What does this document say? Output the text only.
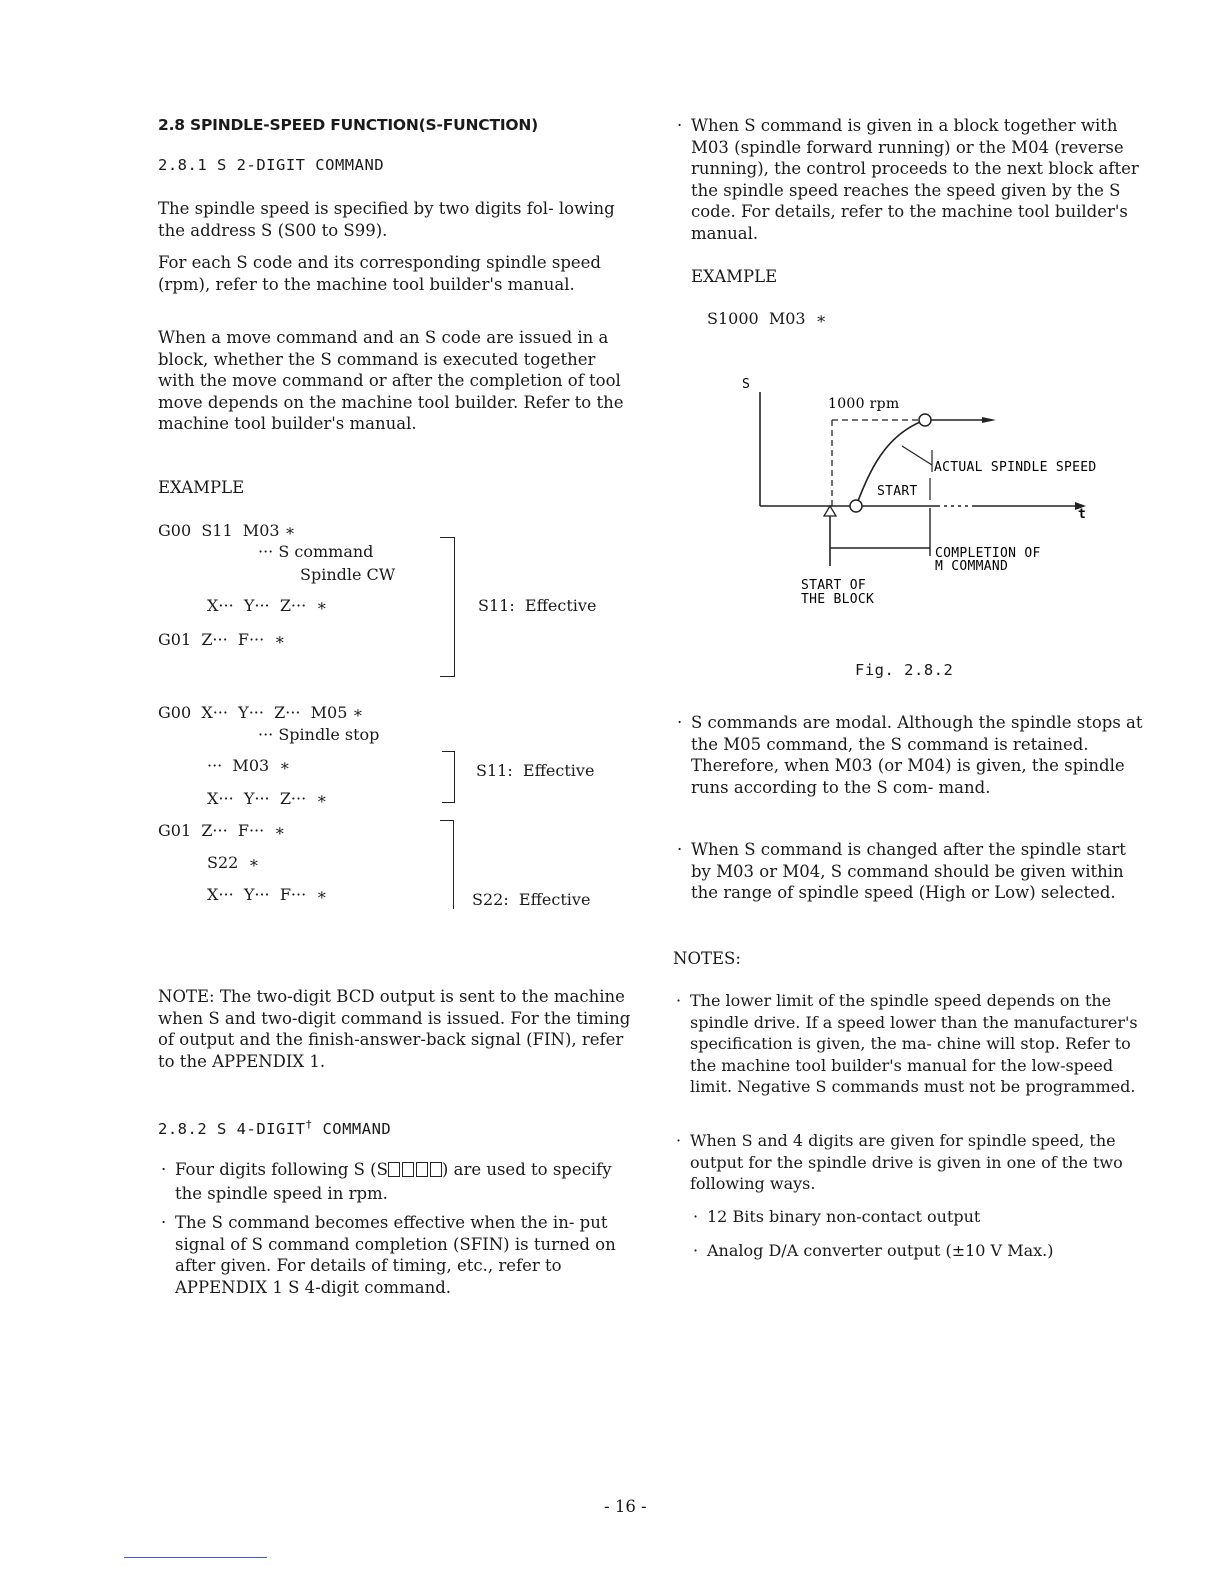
2.8 SPINDLE-SPEED FUNCTION(S-FUNCTION)
2.8.1 S 2-DIGIT COMMAND

The spindle speed is specified by two digits fol- lowing the address S (S00 to S99).

For each S code and its corresponding spindle speed (rpm), refer to the machine tool builder's manual.

When a move command and an S code are issued in a block, whether the S command is executed together with the move command or after the completion of tool move depends on the machine tool builder. Refer to the machine tool builder's manual.

EXAMPLE
G00  S11  M03 ∗
··· S command
Spindle CW
X···  Y···  Z···  ∗
G01  Z···  F···  ∗
S11:  Effective
G00  X···  Y···  Z···  M05 ∗
··· Spindle stop
···  M03  ∗
X···  Y···  Z···  ∗
S11:  Effective
G01  Z···  F···  ∗
S22  ∗
X···  Y···  F···  ∗	S22:  Effective

NOTE: The two-digit BCD output is sent to the machine when S and two-digit command is issued. For the timing of output and the finish-answer-back signal (FIN), refer to the APPENDIX 1.

2.8.2 S 4-DIGIT† COMMAND
· Four digits following S (S	) are used to specify the spindle speed in rpm.
· The S command becomes effective when the in- put signal of S command completion (SFIN) is turned on after given. For details of timing, etc., refer to APPENDIX 1 S 4-digit command.
· When S command is given in a block together with M03 (spindle forward running) or the M04 (reverse running), the control proceeds to the next block after the spindle speed reaches the speed given by the S code. For details, refer to the machine tool builder's manual.
EXAMPLE
S1000  M03  ∗
S
1000 rpm
ACTUAL SPINDLE SPEED
START
t
COMPLETION OF
M COMMAND
START OF
THE BLOCK
Fig. 2.8.2
· S commands are modal. Although the spindle stops at the M05 command, the S command is retained. Therefore, when M03 (or M04) is given, the spindle runs according to the S com- mand.
· When S command is changed after the spindle start by M03 or M04, S command should be given within the range of spindle speed (High or Low) selected.
NOTES:
· The lower limit of the spindle speed depends on the spindle drive. If a speed lower than the manufacturer's specification is given, the ma- chine will stop. Refer to the machine tool builder's manual for the low-speed limit. Negative S commands must not be programmed.
· When S and 4 digits are given for spindle speed, the output for the spindle drive is given in one of the two following ways.
· 12 Bits binary non-contact output
· Analog D/A converter output (±10 V Max.)
- 16 -
